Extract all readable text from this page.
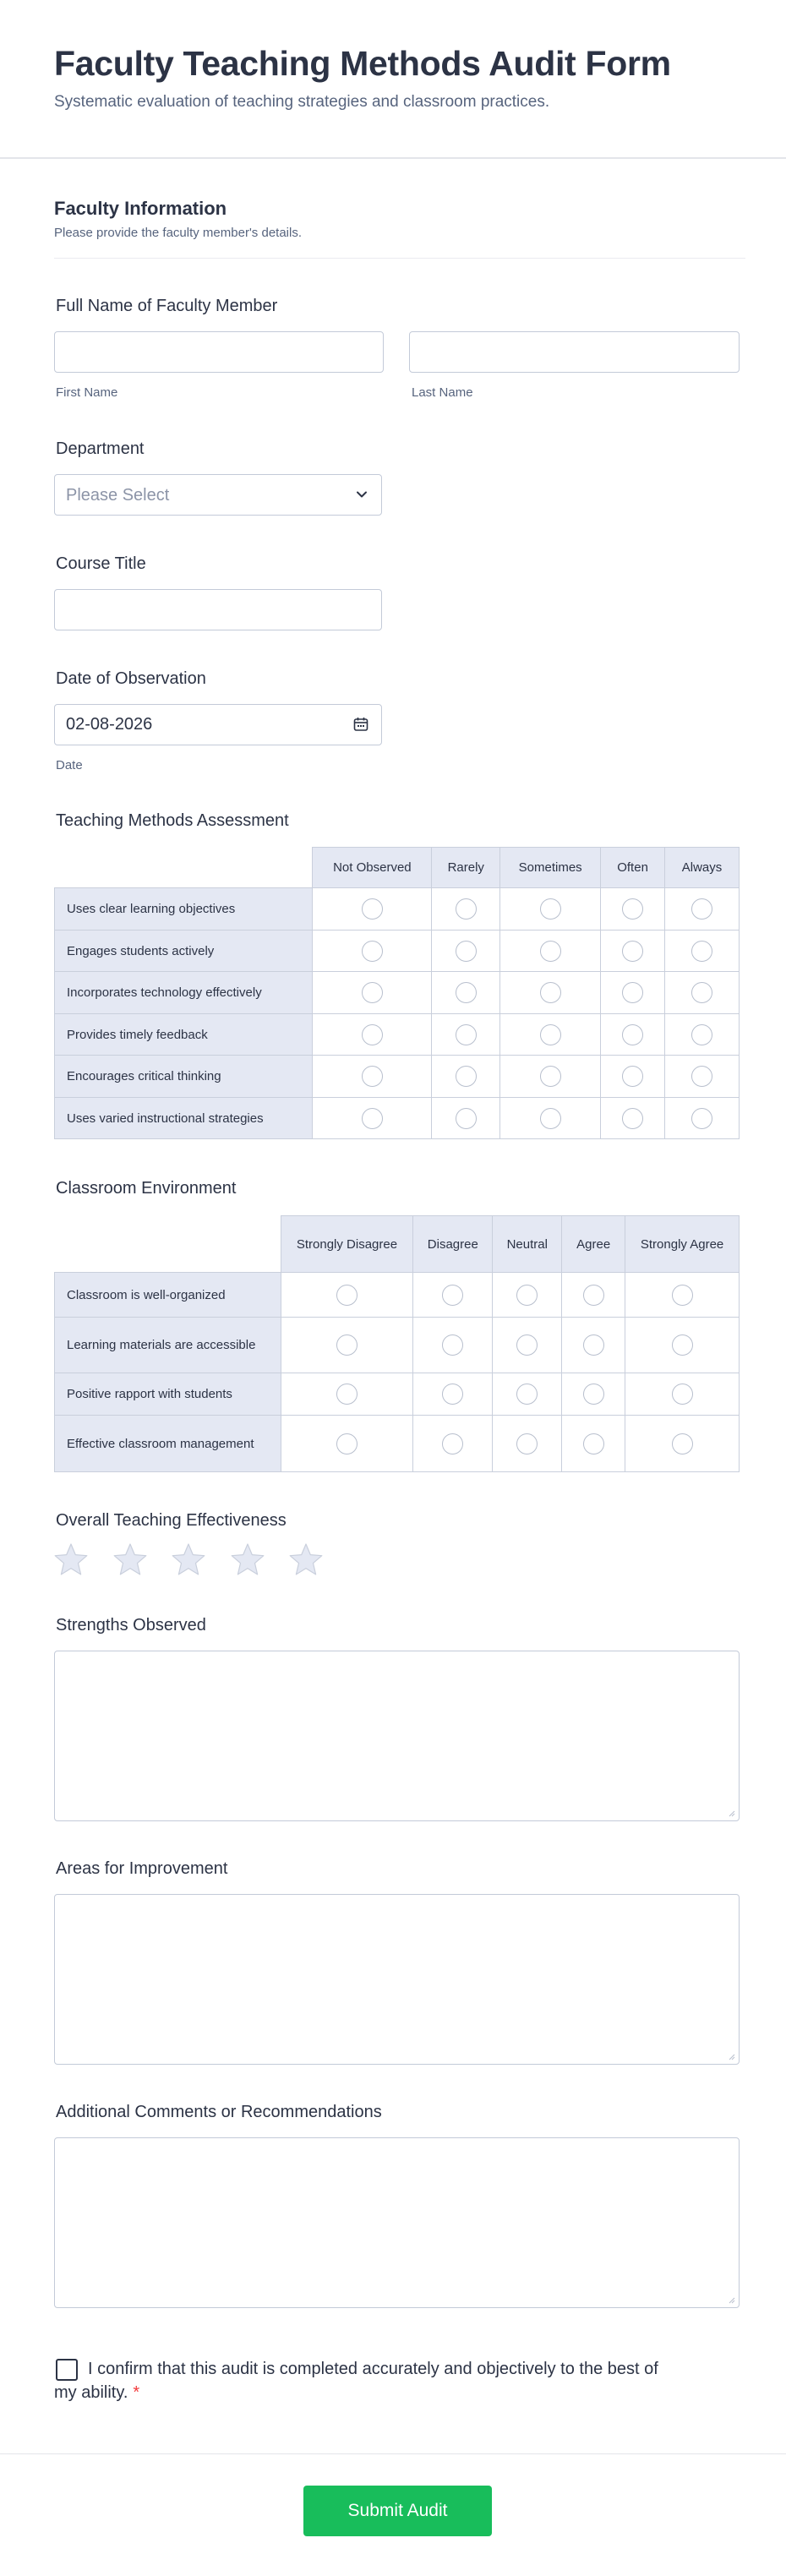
Faculty Teaching Methods Audit Form
Systematic evaluation of teaching strategies and classroom practices.
Faculty Information
Please provide the faculty member's details.
Full Name of Faculty Member
First Name	Last Name
Department
Please Select
Course Title
Date of Observation
02-08-2026
Date
Teaching Methods Assessment
	Not Observed	Rarely	Sometimes	Often	Always
Uses clear learning objectives					
Engages students actively					
Incorporates technology effectively					
Provides timely feedback					
Encourages critical thinking					
Uses varied instructional strategies					
Classroom Environment
	Strongly Disagree	Disagree	Neutral	Agree	Strongly Agree
Classroom is well-organized					
Learning materials are accessible					
Positive rapport with students					
Effective classroom management					
Overall Teaching Effectiveness
Strengths Observed
Areas for Improvement
Additional Comments or Recommendations
I confirm that this audit is completed accurately and objectively to the best of my ability. *
Submit Audit
